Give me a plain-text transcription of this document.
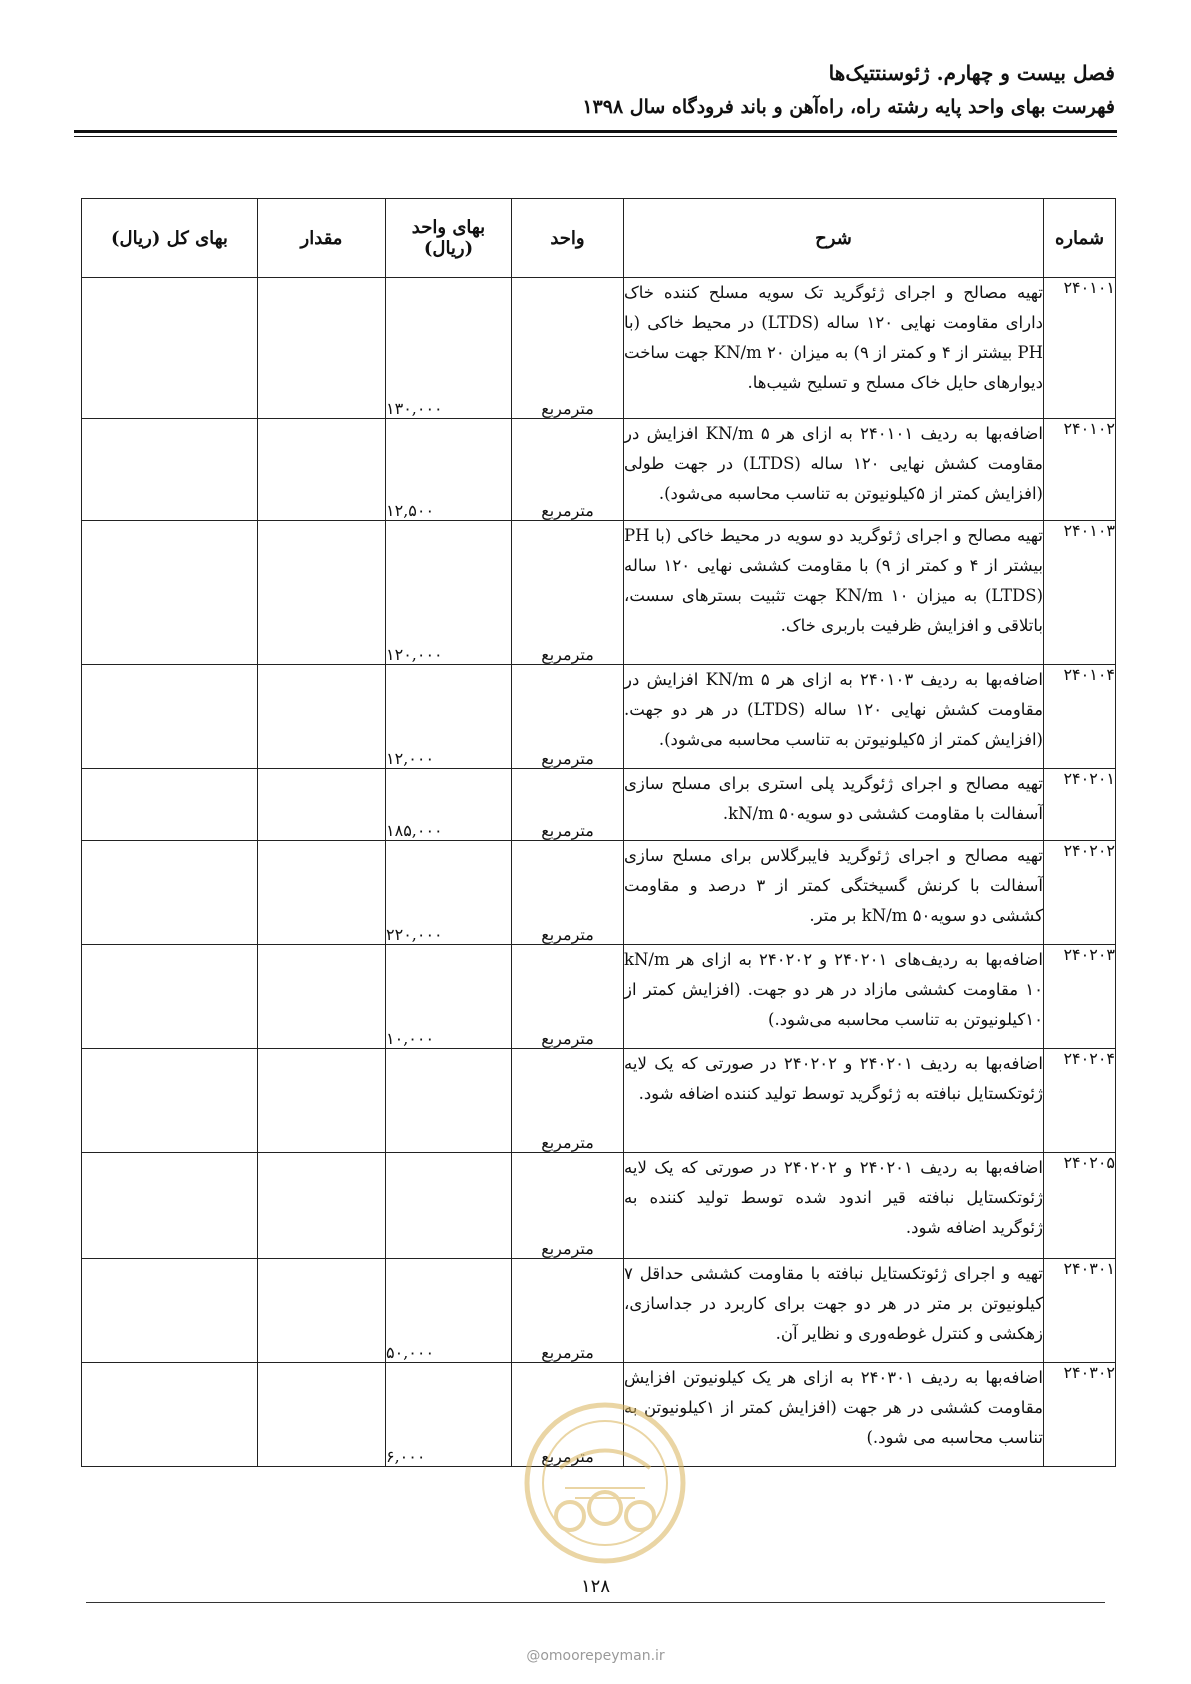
فصل بیست و چهارم. ژئوسنتتیک‌ها
فهرست بهای واحد پایه رشته راه، راه‌آهن و باند فرودگاه سال ۱۳۹۸
شماره	شرح	واحد	بهای واحد (ریال)	مقدار	بهای کل (ریال)
۲۴۰۱۰۱	تهیه مصالح و اجرای ژئوگرید تک سویه مسلح کننده خاک دارای مقاومت نهایی ۱۲۰ ساله (LTDS) در محیط خاکی (با PH بیشتر از ۴ و کمتر از ۹) به میزان KN/m ۲۰ جهت ساخت دیوارهای حایل خاک مسلح و تسلیح شیب‌ها.	مترمربع	۱۳۰,۰۰۰		
۲۴۰۱۰۲	اضافه‌بها به ردیف ۲۴۰۱۰۱ به ازای هر KN/m ۵ افزایش در مقاومت کشش نهایی ۱۲۰ ساله (LTDS) در جهت طولی (افزایش کمتر از ۵کیلونیوتن به تناسب محاسبه می‌شود).	مترمربع	۱۲,۵۰۰		
۲۴۰۱۰۳	تهیه مصالح و اجرای ژئوگرید دو سویه در محیط خاکی (با PH بیشتر از ۴ و کمتر از ۹) با مقاومت کششی نهایی ۱۲۰ ساله (LTDS) به میزان KN/m ۱۰ جهت تثبیت بسترهای سست، باتلاقی و افزایش ظرفیت باربری خاک.	مترمربع	۱۲۰,۰۰۰		
۲۴۰۱۰۴	اضافه‌بها به ردیف ۲۴۰۱۰۳ به ازای هر KN/m ۵ افزایش در مقاومت کشش نهایی ۱۲۰ ساله (LTDS) در هر دو جهت. (افزایش کمتر از ۵کیلونیوتن به تناسب محاسبه می‌شود).	مترمربع	۱۲,۰۰۰		
۲۴۰۲۰۱	تهیه مصالح و اجرای ژئوگرید پلی استری برای مسلح سازی آسفالت با مقاومت کششی دو سویه۵۰ kN/m.	مترمربع	۱۸۵,۰۰۰		
۲۴۰۲۰۲	تهیه مصالح و اجرای ژئوگرید فایبرگلاس برای مسلح سازی آسفالت با کرنش گسیختگی کمتر از ۳ درصد و مقاومت کششی دو سویه۵۰ kN/m بر متر.	مترمربع	۲۲۰,۰۰۰		
۲۴۰۲۰۳	اضافه‌بها به ردیف‌های ۲۴۰۲۰۱ و ۲۴۰۲۰۲ به ازای هر kN/m ۱۰ مقاومت کششی مازاد در هر دو جهت. (افزایش کمتر از ۱۰کیلونیوتن به تناسب محاسبه می‌شود.)	مترمربع	۱۰,۰۰۰		
۲۴۰۲۰۴	اضافه‌بها به ردیف ۲۴۰۲۰۱ و ۲۴۰۲۰۲ در صورتی که یک لایه ژئوتکستایل نبافته به ژئوگرید توسط تولید کننده اضافه شود.	مترمربع			
۲۴۰۲۰۵	اضافه‌بها به ردیف ۲۴۰۲۰۱ و ۲۴۰۲۰۲ در صورتی که یک لایه ژئوتکستایل نبافته قیر اندود شده توسط تولید کننده به ژئوگرید اضافه شود.	مترمربع			
۲۴۰۳۰۱	تهیه و اجرای ژئوتکستایل نبافته با مقاومت کششی حداقل ۷ کیلونیوتن بر متر در هر دو جهت برای کاربرد در جداسازی، زهکشی و کنترل غوطه‌وری و نظایر آن.	مترمربع	۵۰,۰۰۰		
۲۴۰۳۰۲	اضافه‌بها به ردیف ۲۴۰۳۰۱ به ازای هر یک کیلونیوتن افزایش مقاومت کششی در هر جهت (افزایش کمتر از ۱کیلونیوتن به تناسب محاسبه می شود.)	مترمربع	۶,۰۰۰		
۱۲۸
@omoorepeyman.ir
